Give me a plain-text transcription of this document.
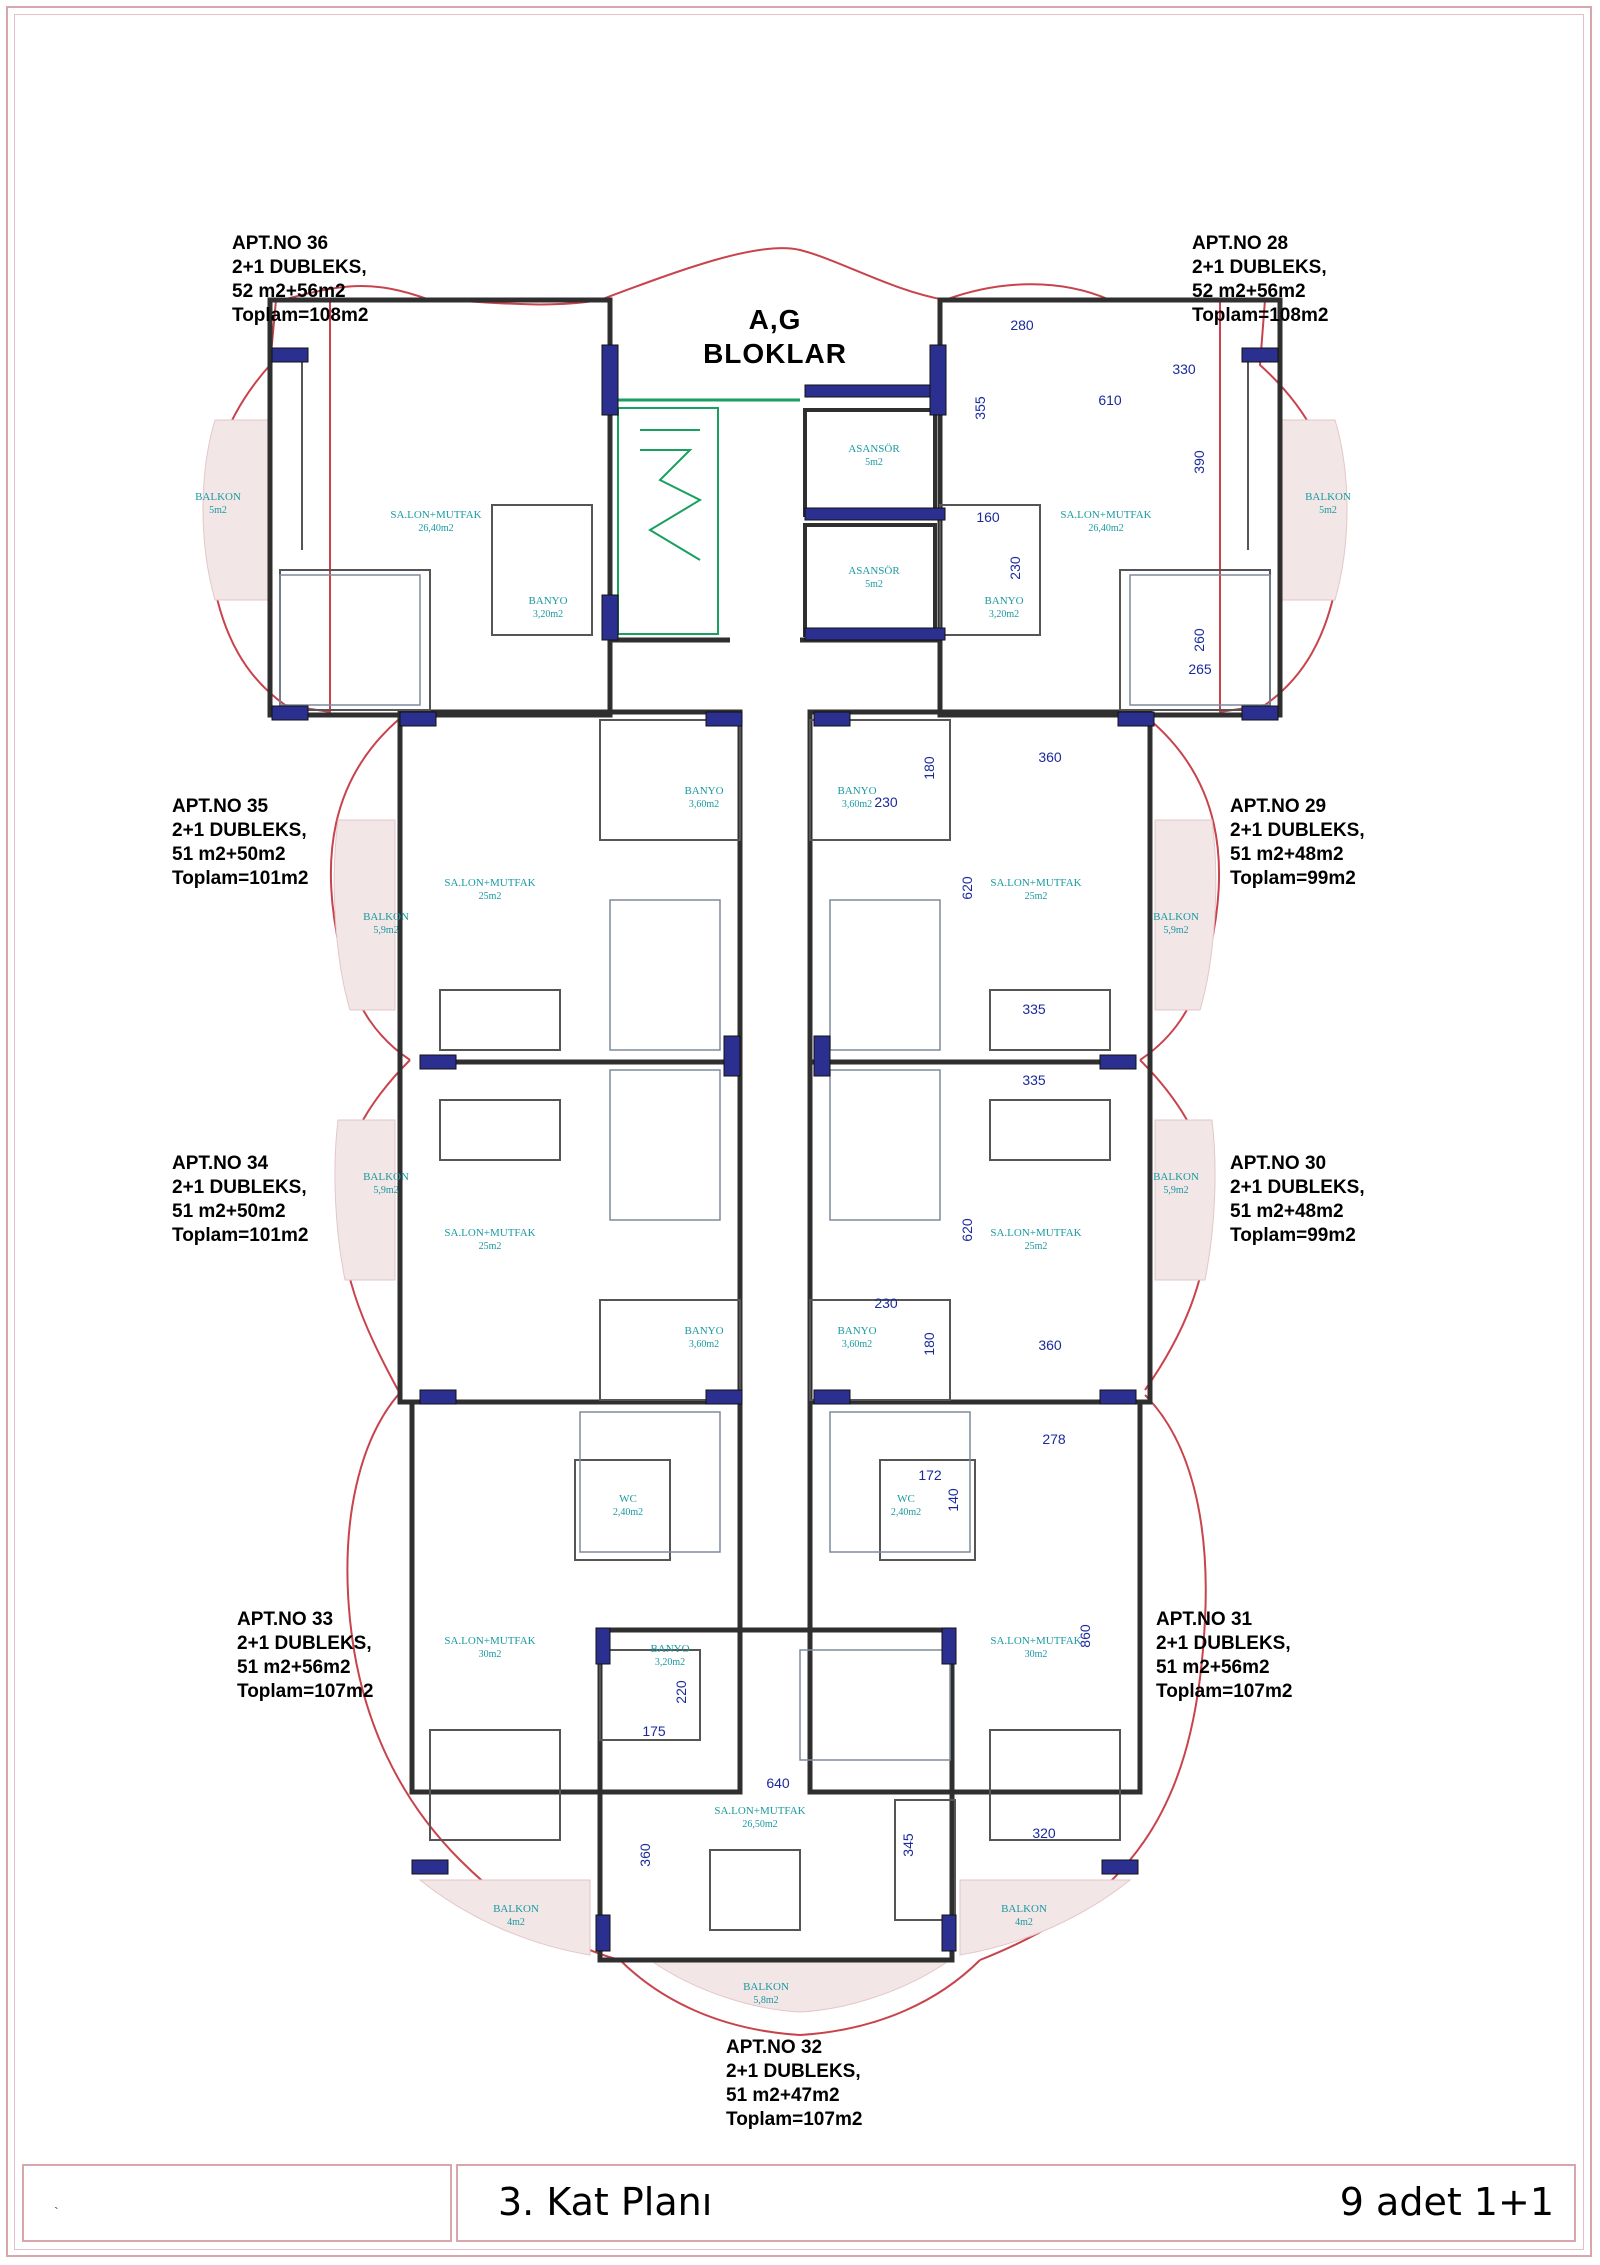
BALKON
5m2	SA.LON+MUTFAK
26,40m2
BANYO
3,20m2
ASANSÖR
5m2
ASANSÖR
5m2
SA.LON+MUTFAK
26,40m2
BANYO
3,20m2
BALKON
5m2
BANYO
3,60m2
BANYO
3,60m2
SA.LON+MUTFAK
25m2
SA.LON+MUTFAK
25m2
BALKON
5,9m2
BALKON
5,9m2
BALKON
5,9m2
BALKON
5,9m2
SA.LON+MUTFAK
25m2
SA.LON+MUTFAK
25m2
BANYO
3,60m2
BANYO
3,60m2
WC
2,40m2
WC
2,40m2
SA.LON+MUTFAK
30m2
SA.LON+MUTFAK
30m2
BANYO
3,20m2
SA.LON+MUTFAK
26,50m2
BALKON
4m2
BALKON
4m2
BALKON
5,8m2
280
330
610
355
390
160
230
260
265
360
180
230
620
335
335
620
230
180	360
278
172
140
860
220
175
640
360	345
320
A,G
BLOKLAR
APT.NO 36
2+1 DUBLEKS,
52 m2+56m2
Toplam=108m2
APT.NO 28
2+1 DUBLEKS,
52 m2+56m2
Toplam=108m2
APT.NO 35
2+1 DUBLEKS,
51 m2+50m2
Toplam=101m2
APT.NO 29
2+1 DUBLEKS,
51 m2+48m2
Toplam=99m2
APT.NO 34
2+1 DUBLEKS,
51 m2+50m2
Toplam=101m2
APT.NO 30
2+1 DUBLEKS,
51 m2+48m2
Toplam=99m2
APT.NO 33
2+1 DUBLEKS,
51 m2+56m2
Toplam=107m2
APT.NO 31
2+1 DUBLEKS,
51 m2+56m2
Toplam=107m2
APT.NO 32
2+1 DUBLEKS,
51 m2+47m2
Toplam=107m2
`	3. Kat Planı	9 adet 1+1
